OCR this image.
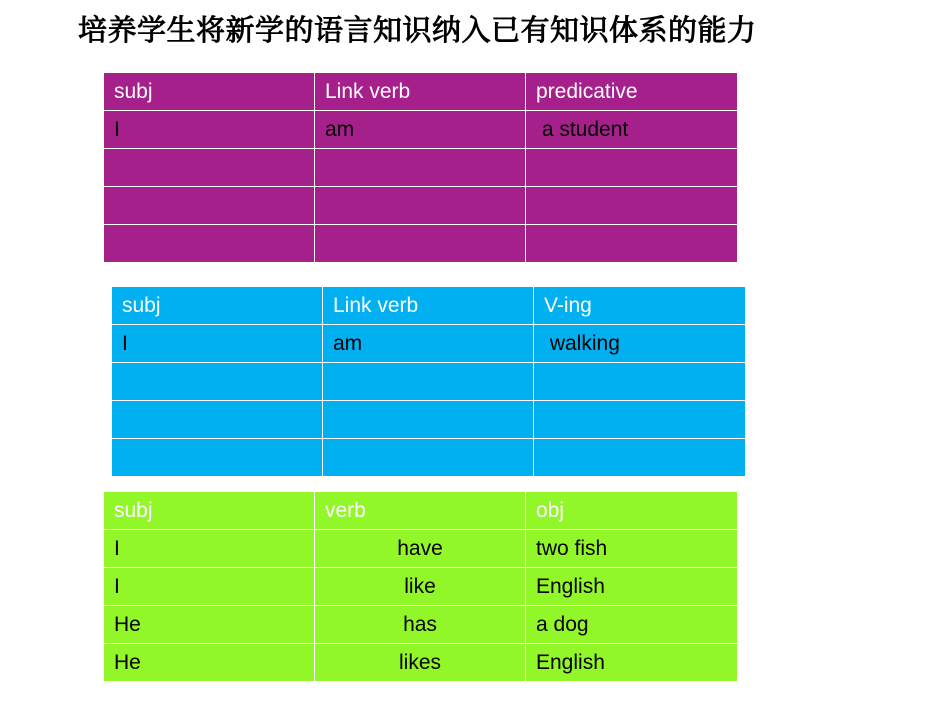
培养学生将新学的语言知识纳入已有知识体系的能力
subj	Link verb	predicative
I	am	a student

subj	Link verb	V-ing
I	am	walking

subj	verb	obj
I	have	two fish
I	like	English
He	has	a dog
He	likes	English
